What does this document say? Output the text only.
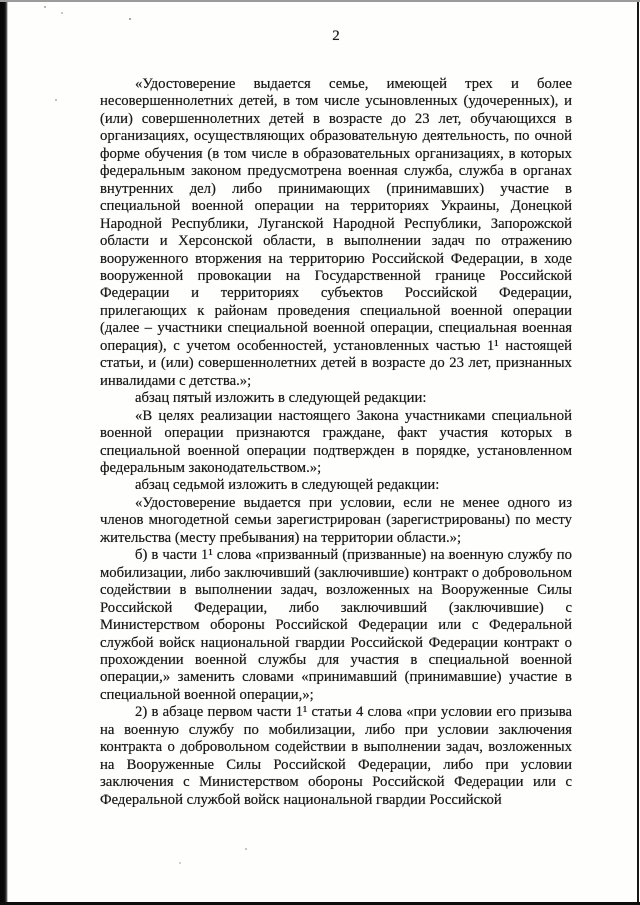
2

«Удостоверение выдается семье, имеющей трех и более несовершеннолетних детей, в том числе усыновленных (удочеренных), и (или) совершеннолетних детей в возрасте до 23 лет, обучающихся в организациях, осуществляющих образовательную деятельность, по очной форме обучения (в том числе в образовательных организациях, в которых федеральным законом предусмотрена военная служба, служба в органах внутренних дел) либо принимающих (принимавших) участие в специальной военной операции на территориях Украины, Донецкой Народной Республики, Луганской Народной Республики, Запорожской области и Херсонской области, в выполнении задач по отражению вооруженного вторжения на территорию Российской Федерации, в ходе вооруженной провокации на Государственной границе Российской Федерации и территориях субъектов Российской Федерации, прилегающих к районам проведения специальной военной операции (далее – участники специальной военной операции, специальная военная операция), с учетом особенностей, установленных частью 1¹ настоящей статьи, и (или) совершеннолетних детей в возрасте до 23 лет, признанных инвалидами с детства.»;

абзац пятый изложить в следующей редакции:

«В целях реализации настоящего Закона участниками специальной военной операции признаются граждане, факт участия которых в специальной военной операции подтвержден в порядке, установленном федеральным законодательством.»;

абзац седьмой изложить в следующей редакции:

«Удостоверение выдается при условии, если не менее одного из членов многодетной семьи зарегистрирован (зарегистрированы) по месту жительства (месту пребывания) на территории области.»;

б) в части 1¹ слова «призванный (призванные) на военную службу по мобилизации, либо заключивший (заключившие) контракт о добровольном содействии в выполнении задач, возложенных на Вооруженные Силы Российской Федерации, либо заключивший (заключившие) с Министерством обороны Российской Федерации или с Федеральной службой войск национальной гвардии Российской Федерации контракт о прохождении военной службы для участия в специальной военной операции,» заменить словами «принимавший (принимавшие) участие в специальной военной операции,»;

2) в абзаце первом части 1¹ статьи 4 слова «при условии его призыва на военную службу по мобилизации, либо при условии заключения контракта о добровольном содействии в выполнении задач, возложенных на Вооруженные Силы Российской Федерации, либо при условии заключения с Министерством обороны Российской Федерации или с Федеральной службой войск национальной гвардии Российской
